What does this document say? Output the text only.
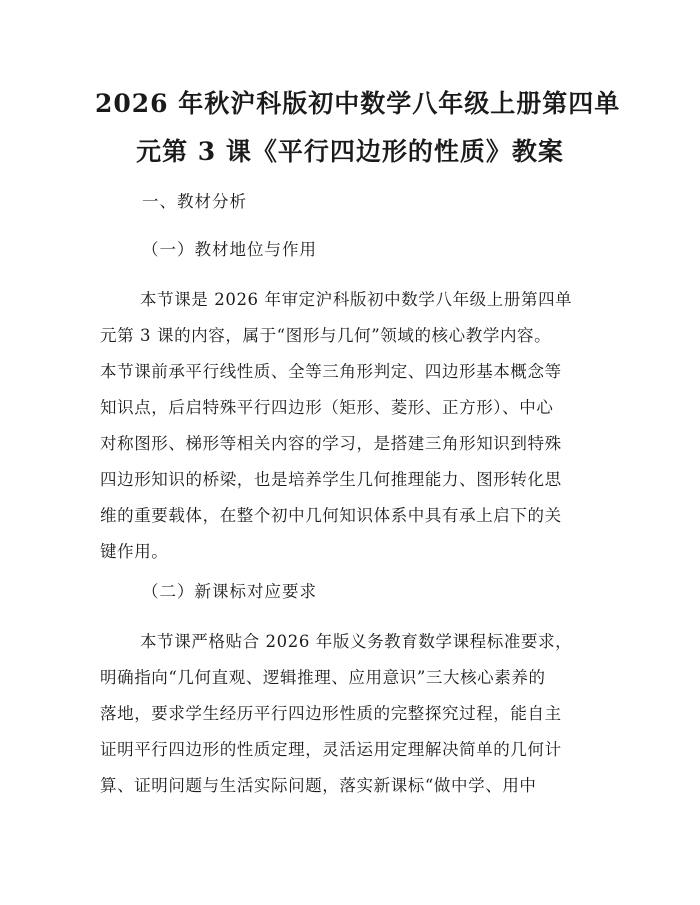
2026 年秋沪科版初中数学八年级上册第四单
元第 3 课《平行四边形的性质》教案

一、教材分析

（一）教材地位与作用

本节课是 2026 年审定沪科版初中数学八年级上册第四单
元第 3 课的内容，属于“图形与几何”领域的核心教学内容。
本节课前承平行线性质、全等三角形判定、四边形基本概念等
知识点，后启特殊平行四边形（矩形、菱形、正方形）、中心
对称图形、梯形等相关内容的学习，是搭建三角形知识到特殊
四边形知识的桥梁，也是培养学生几何推理能力、图形转化思
维的重要载体，在整个初中几何知识体系中具有承上启下的关
键作用。

（二）新课标对应要求

本节课严格贴合 2026 年版义务教育数学课程标准要求，
明确指向“几何直观、逻辑推理、应用意识”三大核心素养的
落地，要求学生经历平行四边形性质的完整探究过程，能自主
证明平行四边形的性质定理，灵活运用定理解决简单的几何计
算、证明问题与生活实际问题，落实新课标“做中学、用中
